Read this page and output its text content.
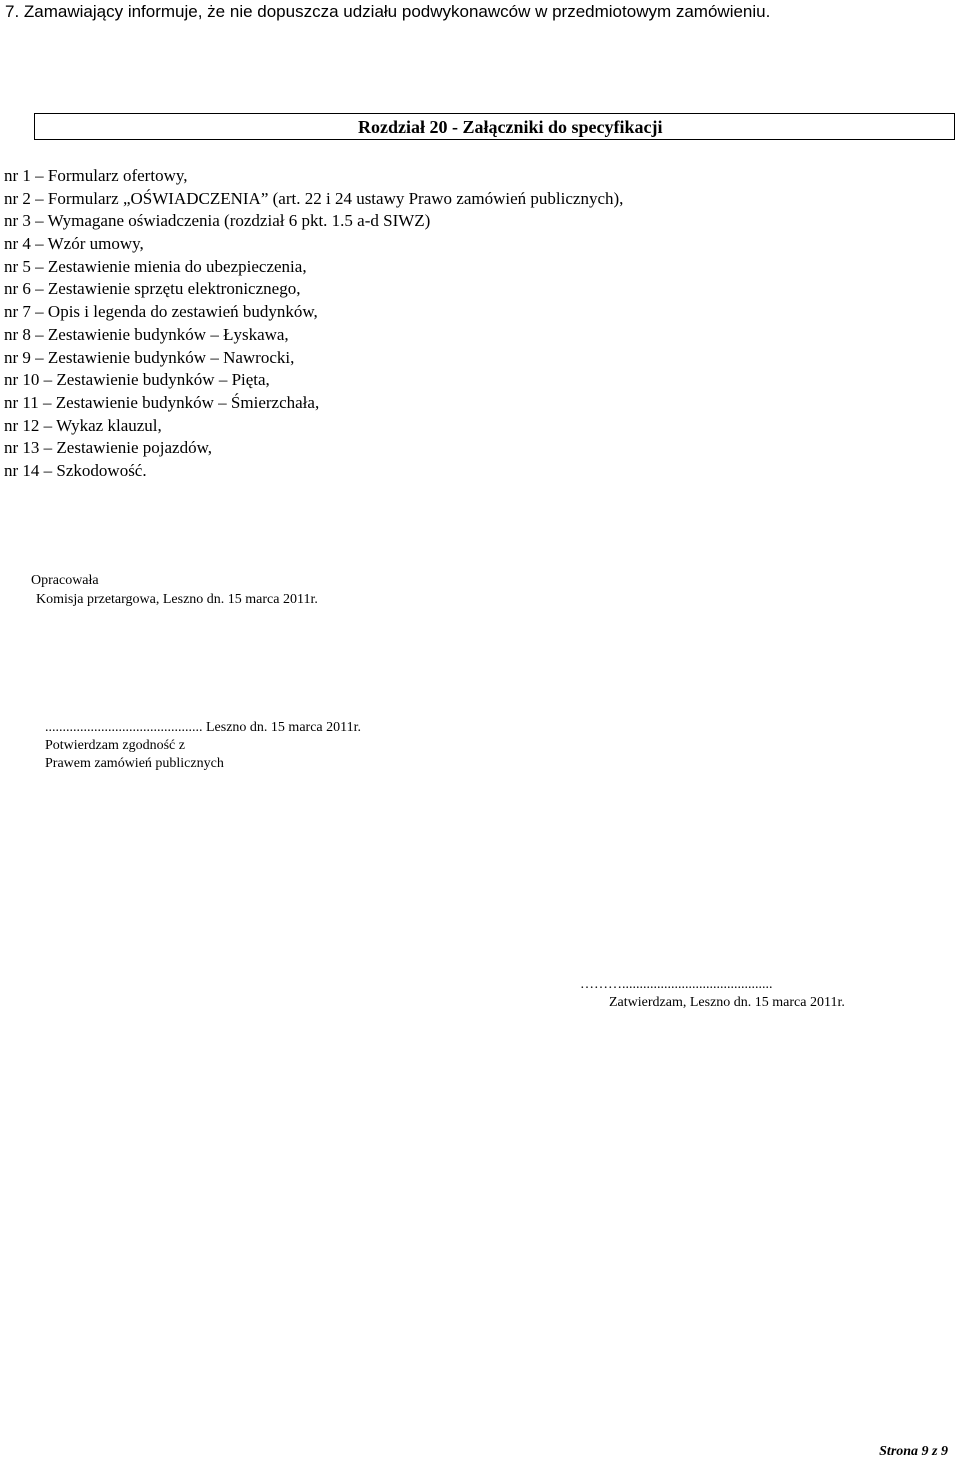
7. Zamawiający informuje, że nie dopuszcza udziału podwykonawców w przedmiotowym zamówieniu.
Rozdział 20 - Załączniki do specyfikacji
nr 1 – Formularz ofertowy,
nr 2 – Formularz „OŚWIADCZENIA” (art. 22 i 24 ustawy Prawo zamówień publicznych),
nr 3 – Wymagane oświadczenia (rozdział 6 pkt. 1.5 a-d SIWZ)
nr 4 – Wzór umowy,
nr 5 – Zestawienie mienia do ubezpieczenia,
nr 6 – Zestawienie sprzętu elektronicznego,
nr 7 – Opis i legenda do zestawień budynków,
nr 8 – Zestawienie budynków – Łyskawa,
nr 9 – Zestawienie budynków – Nawrocki,
nr 10 – Zestawienie budynków – Pięta,
nr 11 – Zestawienie budynków – Śmierzchała,
nr 12 – Wykaz klauzul,
nr 13 – Zestawienie pojazdów,
nr 14 – Szkodowość.
Opracowała
Komisja przetargowa, Leszno dn. 15 marca 2011r.
............................................. Leszno dn. 15 marca 2011r.
Potwierdzam zgodność z
Prawem zamówień publicznych
………...........................................
Zatwierdzam, Leszno dn. 15 marca 2011r.
Strona 9 z 9
